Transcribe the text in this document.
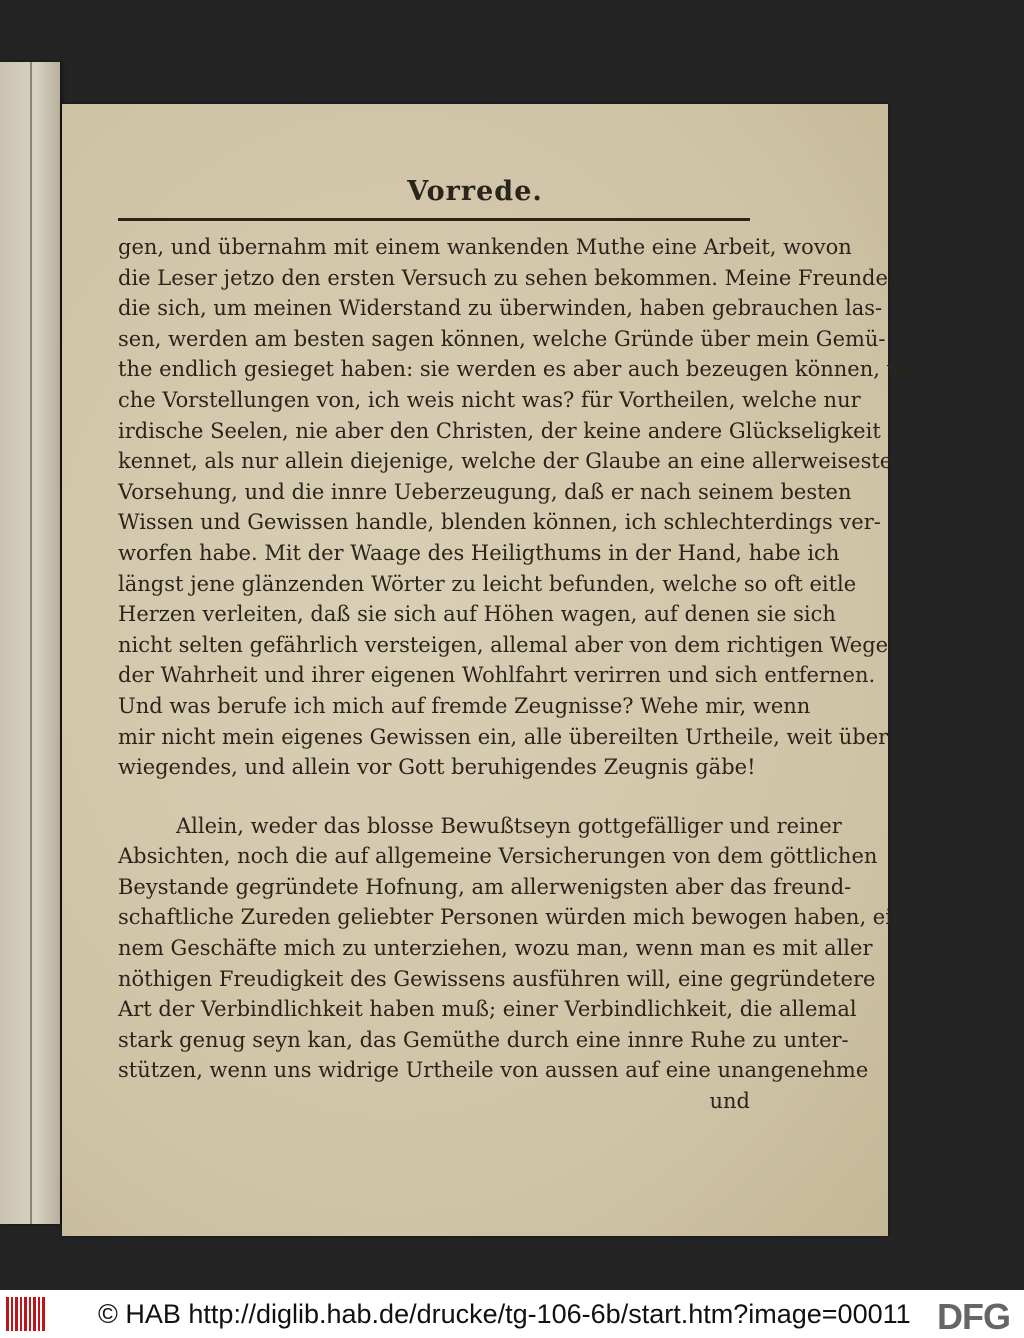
Vorrede.
gen, und übernahm mit einem wankenden Muthe eine Arbeit, wovon
die Leser jetzo den ersten Versuch zu sehen bekommen. Meine Freunde,
die sich, um meinen Widerstand zu überwinden, haben gebrauchen las-
sen, werden am besten sagen können, welche Gründe über mein Gemü-
the endlich gesieget haben: sie werden es aber auch bezeugen können, wel-
che Vorstellungen von, ich weis nicht was? für Vortheilen, welche nur
irdische Seelen, nie aber den Christen, der keine andere Glückseligkeit
kennet, als nur allein diejenige, welche der Glaube an eine allerweiseste
Vorsehung, und die innre Ueberzeugung, daß er nach seinem besten
Wissen und Gewissen handle, blenden können, ich schlechterdings ver-
worfen habe. Mit der Waage des Heiligthums in der Hand, habe ich
längst jene glänzenden Wörter zu leicht befunden, welche so oft eitle
Herzen verleiten, daß sie sich auf Höhen wagen, auf denen sie sich
nicht selten gefährlich versteigen, allemal aber von dem richtigen Wege
der Wahrheit und ihrer eigenen Wohlfahrt verirren und sich entfernen.
Und was berufe ich mich auf fremde Zeugnisse? Wehe mir, wenn
mir nicht mein eigenes Gewissen ein, alle übereilten Urtheile, weit über-
wiegendes, und allein vor Gott beruhigendes Zeugnis gäbe!
Allein, weder das blosse Bewußtseyn gottgefälliger und reiner
Absichten, noch die auf allgemeine Versicherungen von dem göttlichen
Beystande gegründete Hofnung, am allerwenigsten aber das freund-
schaftliche Zureden geliebter Personen würden mich bewogen haben, ei-
nem Geschäfte mich zu unterziehen, wozu man, wenn man es mit aller
nöthigen Freudigkeit des Gewissens ausführen will, eine gegründetere
Art der Verbindlichkeit haben muß; einer Verbindlichkeit, die allemal
stark genug seyn kan, das Gemüthe durch eine innre Ruhe zu unter-
stützen, wenn uns widrige Urtheile von aussen auf eine unangenehme
und
© HAB http://diglib.hab.de/drucke/tg-106-6b/start.htm?image=00011 DFG
